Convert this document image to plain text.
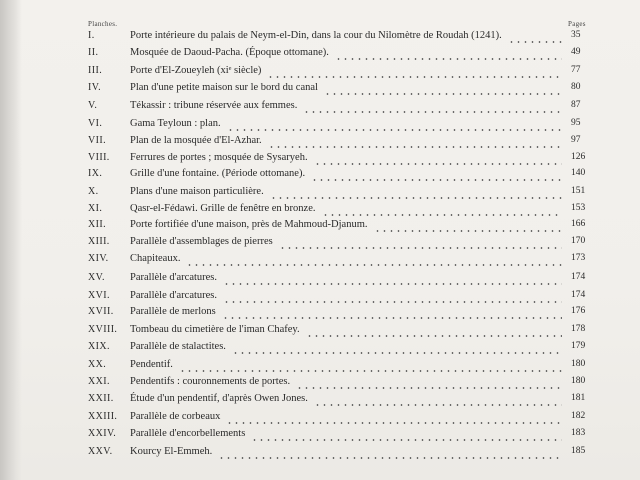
Planches.	Pages
I.	Porte intérieure du palais de Neym-el-Din, dans la cour du Nilomètre de Roudah (1241).	35
II.	Mosquée de Daoud-Pacha. (Époque ottomane).	49
III.	Porte d'El-Zoueyleh (xiᵉ siècle)	77
IV.	Plan d'une petite maison sur le bord du canal	80
V.	Tékassir : tribune réservée aux femmes.	87
VI.	Gama Teyloun : plan.	95
VII. Plan de la mosquée d'El-Azhar.	97
VIII. Ferrures de portes ; mosquée de Sysaryeh.	126
IX.	Grille d'une fontaine. (Période ottomane).	140
X.	Plans d'une maison particulière.	151
XI.	Qasr-el-Fédawi. Grille de fenêtre en bronze.	153
XII. Porte fortifiée d'une maison, près de Mahmoud-Djanum.	166
XIII. Parallèle d'assemblages de pierres	170
XIV. Chapiteaux.	173
XV. Parallèle d'arcatures.	174
XVI. Parallèle d'arcatures.	174
XVII. Parallèle de merlons	176
XVIII. Tombeau du cimetière de l'iman Chafey.	178
XIX. Parallèle de stalactites.	179
XX. Pendentif.	180
XXI. Pendentifs : couronnements de portes.	180
XXII. Étude d'un pendentif, d'après Owen Jones.	181
XXIII. Parallèle de corbeaux	182
XXIV. Parallèle d'encorbellements	183
XXV. Kourcy El-Emmeh.	185
